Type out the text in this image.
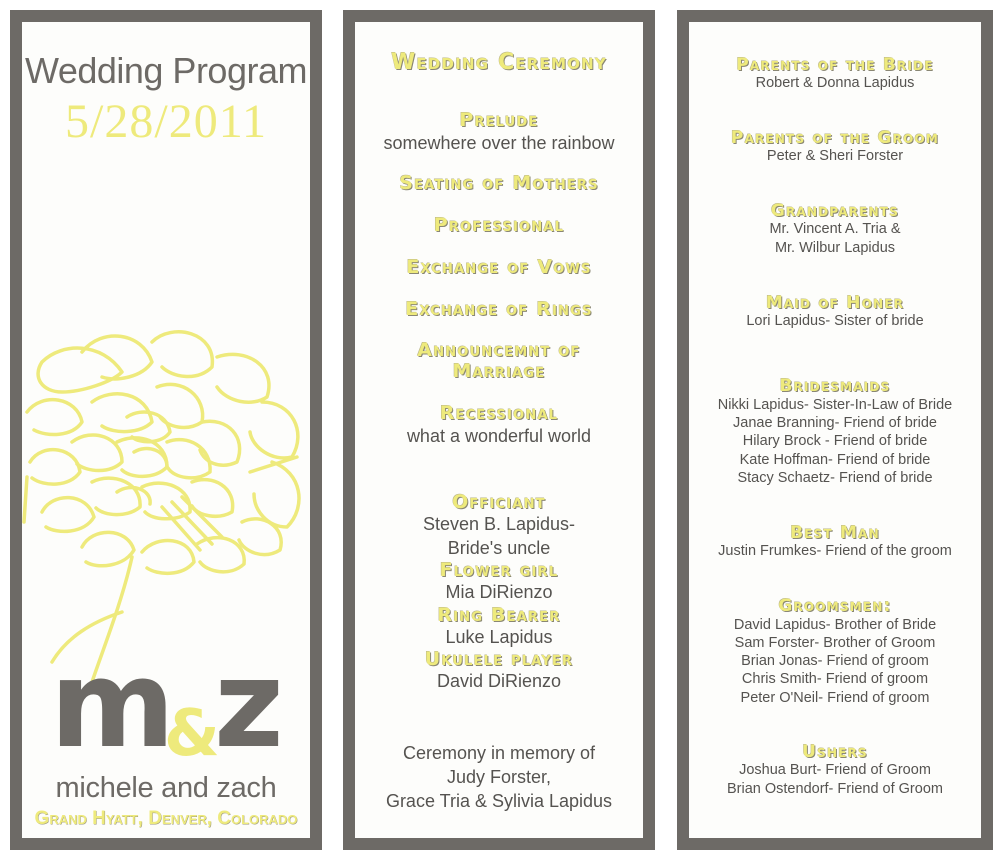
Wedding Program
5/28/2011
m z
&
michele and zach
Grand Hyatt, Denver, Colorado
Wedding Ceremony
Prelude
somewhere over the rainbow
Seating of Mothers
Professional
Exchange of Vows
Exchange of Rings
Announcemnt of
Marriage
Recessional
what a wonderful world
Officiant
Steven B. Lapidus-
Bride's uncle
Flower girl
Mia DiRienzo
Ring Bearer
Luke Lapidus
Ukulele player
David DiRienzo
Ceremony in memory of
Judy Forster,
Grace Tria & Sylivia Lapidus
Parents of the Bride
Robert & Donna Lapidus
Parents of the Groom
Peter & Sheri Forster
Grandparents
Mr. Vincent A. Tria &
Mr. Wilbur Lapidus
Maid of Honer
Lori Lapidus- Sister of bride
Bridesmaids
Nikki Lapidus- Sister-In-Law of Bride
Janae Branning- Friend of bride
Hilary Brock - Friend of bride
Kate Hoffman- Friend of bride
Stacy Schaetz- Friend of bride
Best Man
Justin Frumkes- Friend of the groom
Groomsmen:
David Lapidus- Brother of Bride
Sam Forster- Brother of Groom
Brian Jonas- Friend of groom
Chris Smith- Friend of groom
Peter O'Neil- Friend of groom
Ushers
Joshua Burt- Friend of Groom
Brian Ostendorf- Friend of Groom
